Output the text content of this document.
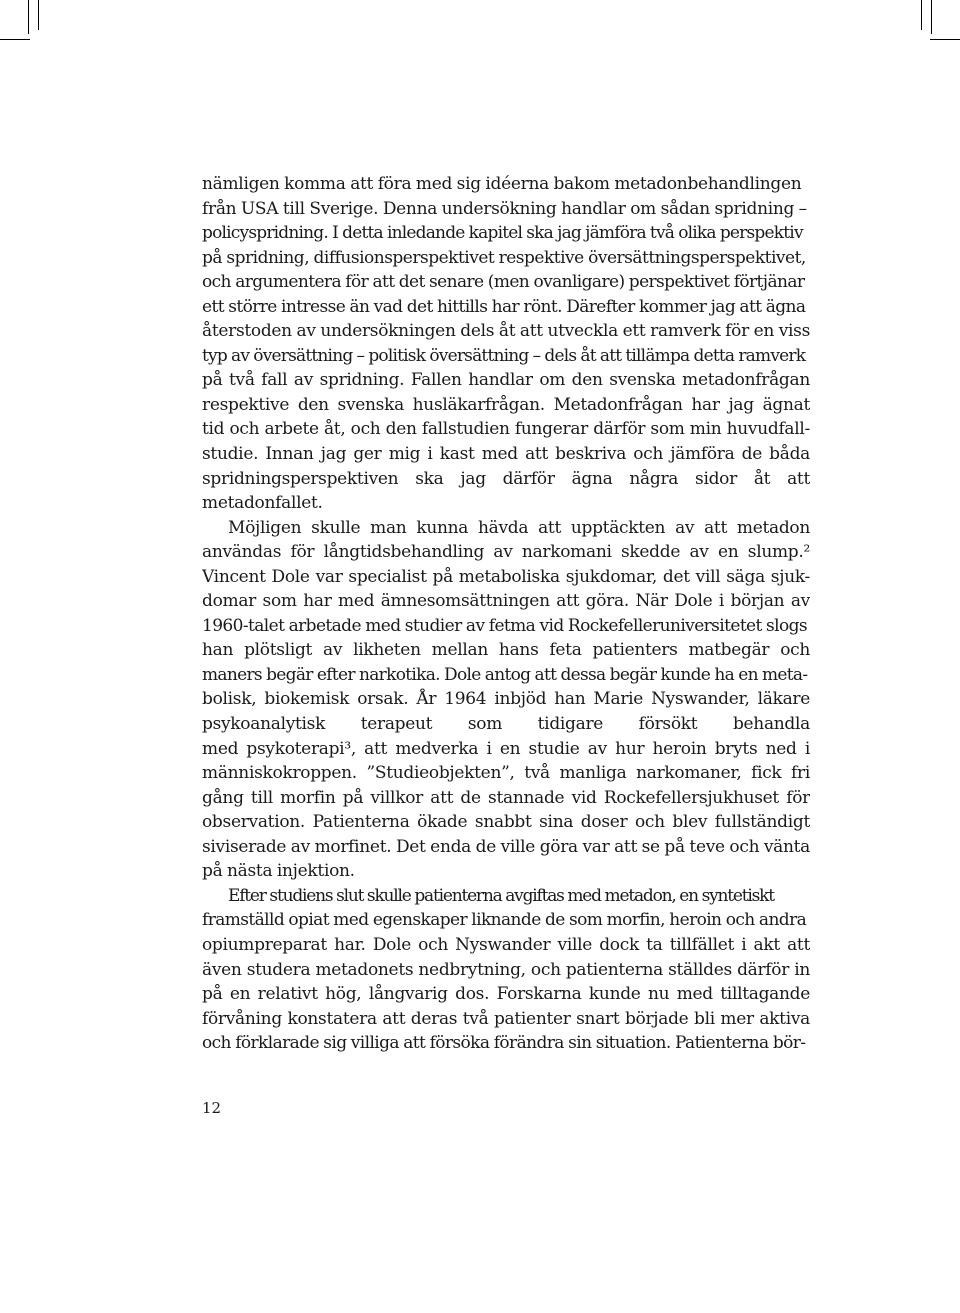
nämligen komma att föra med sig idéerna bakom metadonbehandlingen
från USA till Sverige. Denna undersökning handlar om sådan spridning –
policyspridning. I detta inledande kapitel ska jag jämföra två olika perspektiv
på spridning, diffusionsperspektivet respektive översättningsperspektivet,
och argumentera för att det senare (men ovanligare) perspektivet förtjänar
ett större intresse än vad det hittills har rönt. Därefter kommer jag att ägna
återstoden av undersökningen dels åt att utveckla ett ramverk för en viss
typ av översättning – politisk översättning – dels åt att tillämpa detta ramverk
på två fall av spridning. Fallen handlar om den svenska metadonfrågan
respektive den svenska husläkarfrågan. Metadonfrågan har jag ägnat
tid och arbete åt, och den fallstudien fungerar därför som min huvudfall-
studie. Innan jag ger mig i kast med att beskriva och jämföra de båda
spridningsperspektiven ska jag därför ägna några sidor åt att
metadonfallet.
Möjligen skulle man kunna hävda att upptäckten av att metadon
användas för långtidsbehandling av narkomani skedde av en slump.²
Vincent Dole var specialist på metaboliska sjukdomar, det vill säga sjuk-
domar som har med ämnesomsättningen att göra. När Dole i början av
1960-talet arbetade med studier av fetma vid Rockefelleruniversitetet slogs
han plötsligt av likheten mellan hans feta patienters matbegär och
maners begär efter narkotika. Dole antog att dessa begär kunde ha en meta-
bolisk, biokemisk orsak. År 1964 inbjöd han Marie Nyswander, läkare
psykoanalytisk terapeut som tidigare försökt behandla
med psykoterapi³, att medverka i en studie av hur heroin bryts ned i
människokroppen. ”Studieobjekten”, två manliga narkomaner, fick fri
gång till morfin på villkor att de stannade vid Rockefellersjukhuset för
observation. Patienterna ökade snabbt sina doser och blev fullständigt
siviserade av morfinet. Det enda de ville göra var att se på teve och vänta
på nästa injektion.
Efter studiens slut skulle patienterna avgiftas med metadon, en syntetiskt
framställd opiat med egenskaper liknande de som morfin, heroin och andra
opiumpreparat har. Dole och Nyswander ville dock ta tillfället i akt att
även studera metadonets nedbrytning, och patienterna ställdes därför in
på en relativt hög, långvarig dos. Forskarna kunde nu med tilltagande
förvåning konstatera att deras två patienter snart började bli mer aktiva
och förklarade sig villiga att försöka förändra sin situation. Patienterna bör-
12
